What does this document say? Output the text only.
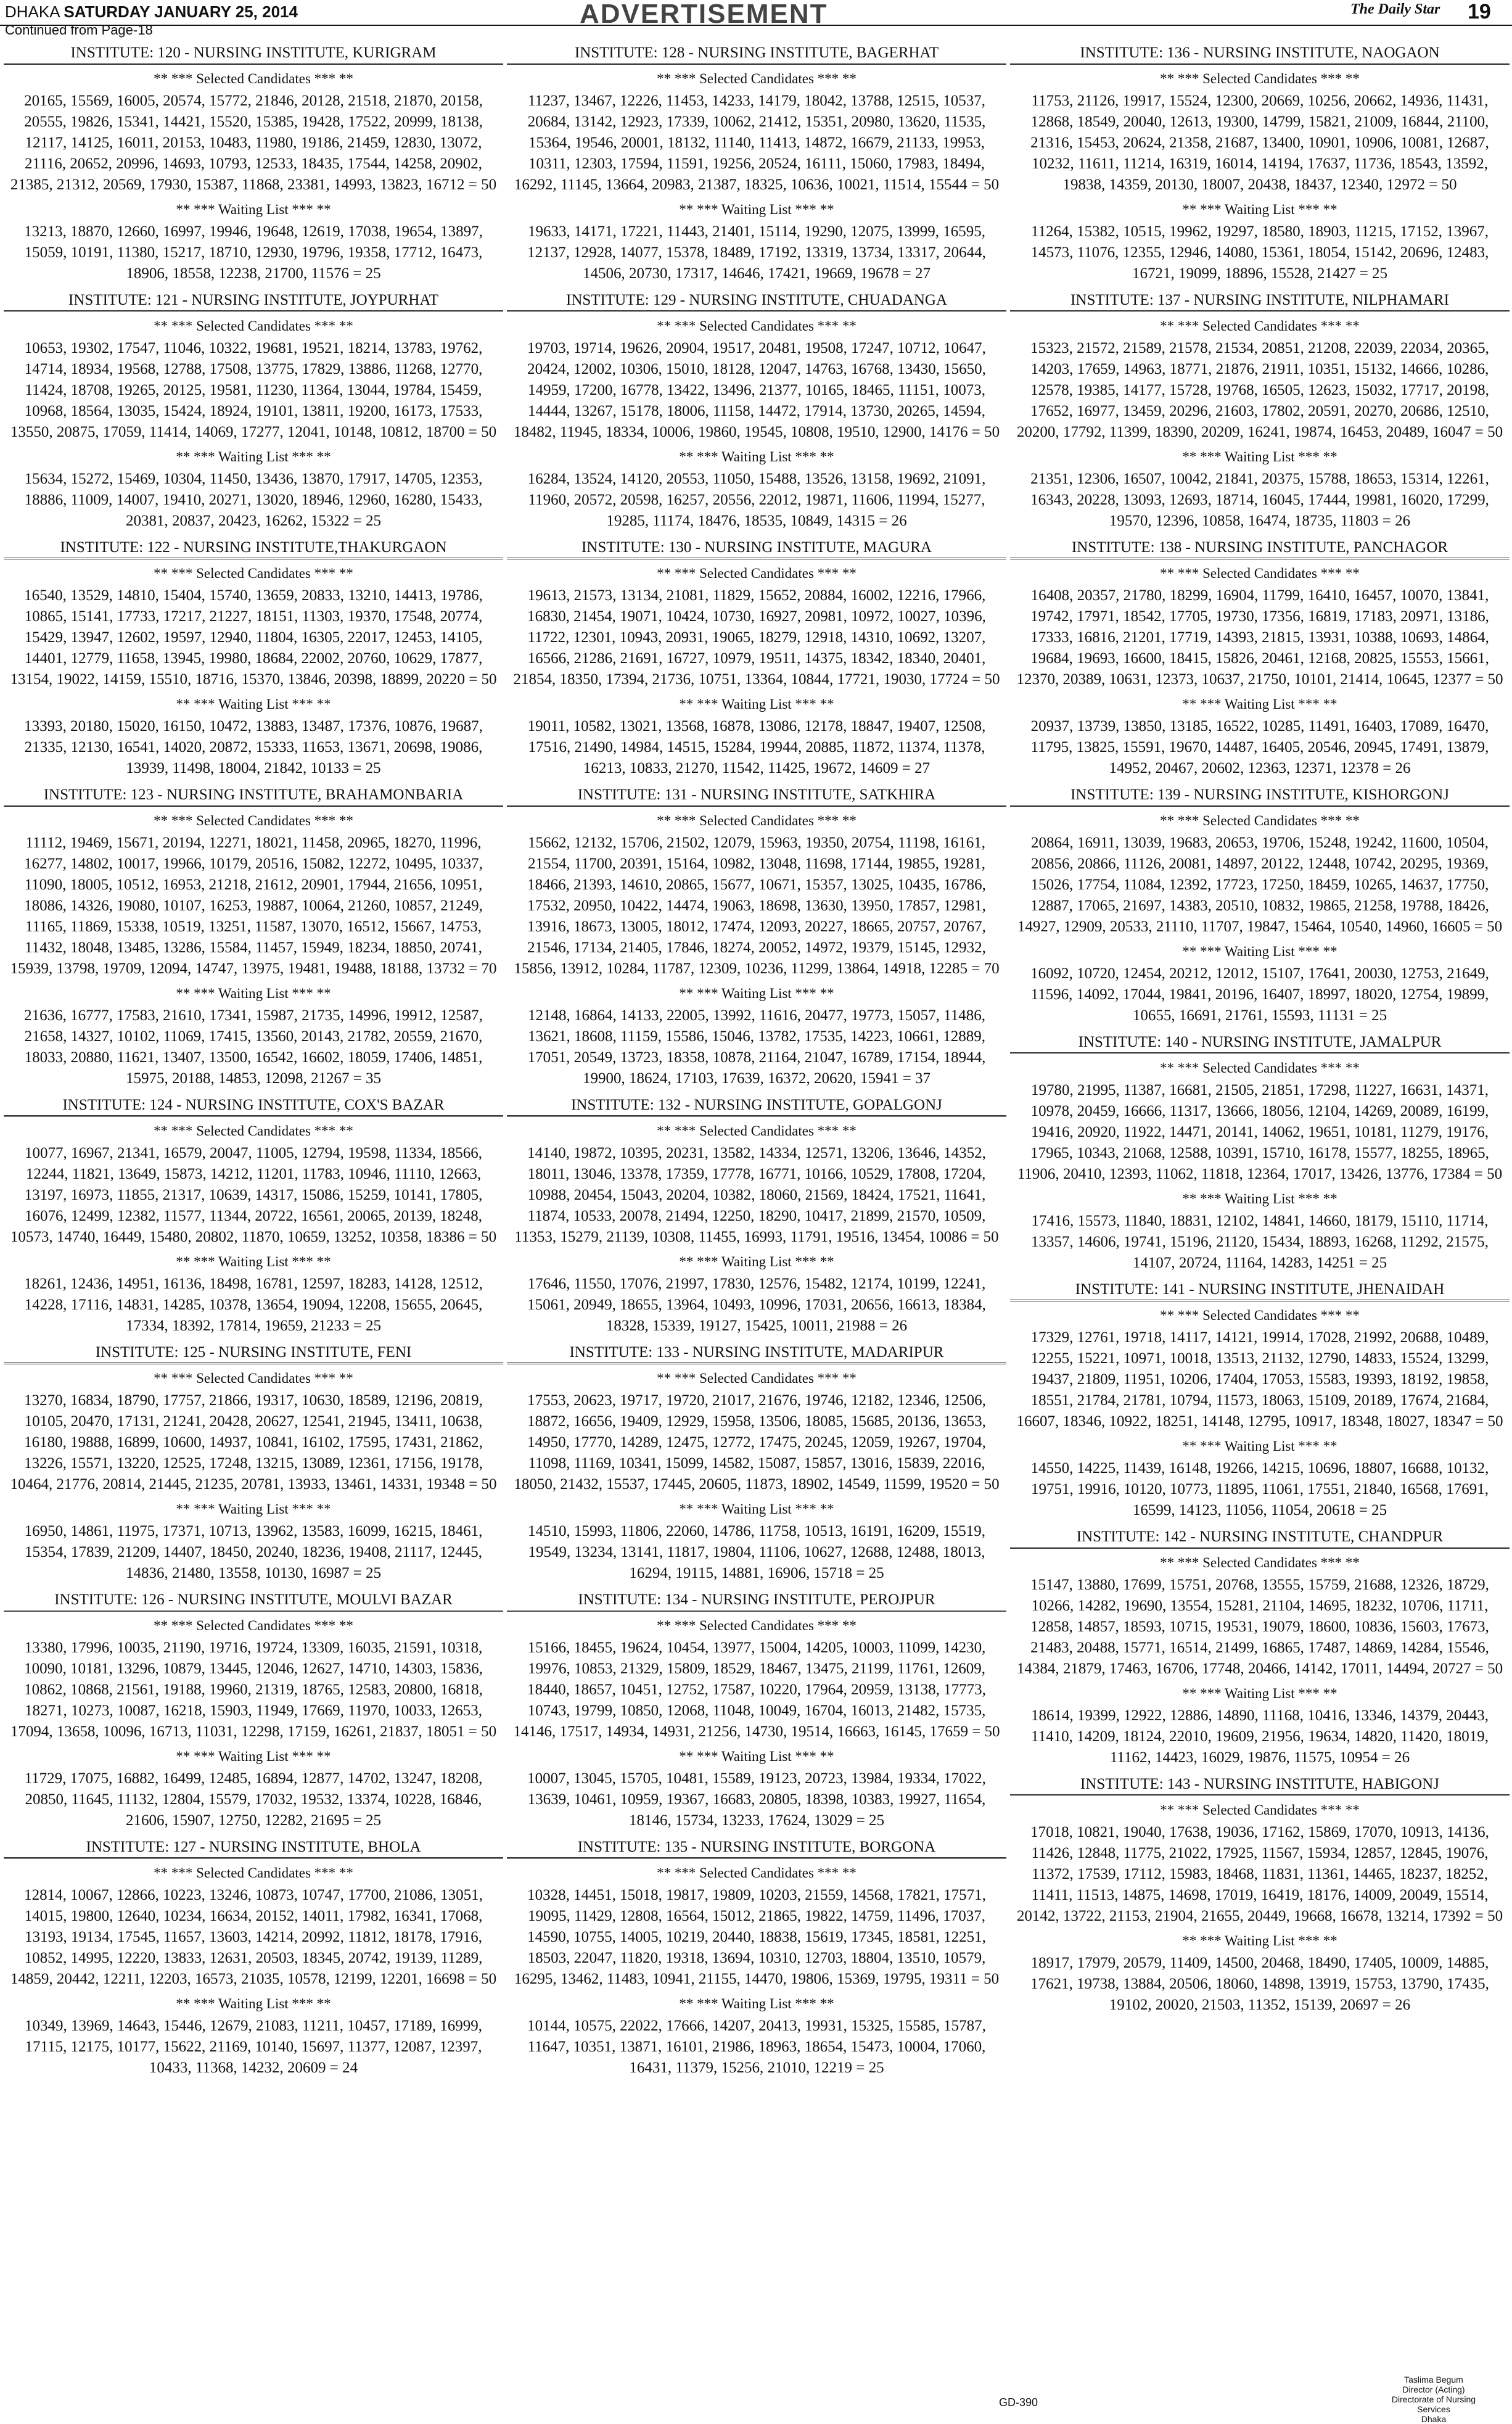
DHAKA SATURDAY JANUARY 25, 2014
Continued from Page-18
ADVERTISEMENT	The Daily Star 19
INSTITUTE: 120 - NURSING INSTITUTE, KURIGRAM
** *** Selected Candidates *** **
20165, 15569, 16005, 20574, 15772, 21846, 20128, 21518, 21870, 20158, 20555, 19826, 15341, 14421, 15520, 15385, 19428, 17522, 20999, 18138, 12117, 14125, 16011, 20153, 10483, 11980, 19186, 21459, 12830, 13072, 21116, 20652, 20996, 14693, 10793, 12533, 18435, 17544, 14258, 20902, 21385, 21312, 20569, 17930, 15387, 11868, 23381, 14993, 13823, 16712 = 50
** *** Waiting List *** **
13213, 18870, 12660, 16997, 19946, 19648, 12619, 17038, 19654, 13897, 15059, 10191, 11380, 15217, 18710, 12930, 19796, 19358, 17712, 16473, 18906, 18558, 12238, 21700, 11576 = 25
INSTITUTE: 121 - NURSING INSTITUTE, JOYPURHAT
** *** Selected Candidates *** **
10653, 19302, 17547, 11046, 10322, 19681, 19521, 18214, 13783, 19762, 14714, 18934, 19568, 12788, 17508, 13775, 17829, 13886, 11268, 12770, 11424, 18708, 19265, 20125, 19581, 11230, 11364, 13044, 19784, 15459, 10968, 18564, 13035, 15424, 18924, 19101, 13811, 19200, 16173, 17533, 13550, 20875, 17059, 11414, 14069, 17277, 12041, 10148, 10812, 18700 = 50
** *** Waiting List *** **
15634, 15272, 15469, 10304, 11450, 13436, 13870, 17917, 14705, 12353, 18886, 11009, 14007, 19410, 20271, 13020, 18946, 12960, 16280, 15433, 20381, 20837, 20423, 16262, 15322 = 25
INSTITUTE: 122 - NURSING INSTITUTE,THAKURGAON
** *** Selected Candidates *** **
16540, 13529, 14810, 15404, 15740, 13659, 20833, 13210, 14413, 19786, 10865, 15141, 17733, 17217, 21227, 18151, 11303, 19370, 17548, 20774, 15429, 13947, 12602, 19597, 12940, 11804, 16305, 22017, 12453, 14105, 14401, 12779, 11658, 13945, 19980, 18684, 22002, 20760, 10629, 17877, 13154, 19022, 14159, 15510, 18716, 15370, 13846, 20398, 18899, 20220 = 50
** *** Waiting List *** **
13393, 20180, 15020, 16150, 10472, 13883, 13487, 17376, 10876, 19687, 21335, 12130, 16541, 14020, 20872, 15333, 11653, 13671, 20698, 19086, 13939, 11498, 18004, 21842, 10133 = 25
INSTITUTE: 123 - NURSING INSTITUTE, BRAHAMONBARIA
** *** Selected Candidates *** **
11112, 19469, 15671, 20194, 12271, 18021, 11458, 20965, 18270, 11996, 16277, 14802, 10017, 19966, 10179, 20516, 15082, 12272, 10495, 10337, 11090, 18005, 10512, 16953, 21218, 21612, 20901, 17944, 21656, 10951, 18086, 14326, 19080, 10107, 16253, 19887, 10064, 21260, 10857, 21249, 11165, 11869, 15338, 10519, 13251, 11587, 13070, 16512, 15667, 14753, 11432, 18048, 13485, 13286, 15584, 11457, 15949, 18234, 18850, 20741, 15939, 13798, 19709, 12094, 14747, 13975, 19481, 19488, 18188, 13732 = 70
** *** Waiting List *** **
21636, 16777, 17583, 21610, 17341, 15987, 21735, 14996, 19912, 12587, 21658, 14327, 10102, 11069, 17415, 13560, 20143, 21782, 20559, 21670, 18033, 20880, 11621, 13407, 13500, 16542, 16602, 18059, 17406, 14851, 15975, 20188, 14853, 12098, 21267 = 35
INSTITUTE: 124 - NURSING INSTITUTE, COX'S BAZAR
** *** Selected Candidates *** **
10077, 16967, 21341, 16579, 20047, 11005, 12794, 19598, 11334, 18566, 12244, 11821, 13649, 15873, 14212, 11201, 11783, 10946, 11110, 12663, 13197, 16973, 11855, 21317, 10639, 14317, 15086, 15259, 10141, 17805, 16076, 12499, 12382, 11577, 11344, 20722, 16561, 20065, 20139, 18248, 10573, 14740, 16449, 15480, 20802, 11870, 10659, 13252, 10358, 18386 = 50
** *** Waiting List *** **
18261, 12436, 14951, 16136, 18498, 16781, 12597, 18283, 14128, 12512, 14228, 17116, 14831, 14285, 10378, 13654, 19094, 12208, 15655, 20645, 17334, 18392, 17814, 19659, 21233 = 25
INSTITUTE: 125 - NURSING INSTITUTE, FENI
** *** Selected Candidates *** **
13270, 16834, 18790, 17757, 21866, 19317, 10630, 18589, 12196, 20819, 10105, 20470, 17131, 21241, 20428, 20627, 12541, 21945, 13411, 10638, 16180, 19888, 16899, 10600, 14937, 10841, 16102, 17595, 17431, 21862, 13226, 15571, 13220, 12525, 17248, 13215, 13089, 12361, 17156, 19178, 10464, 21776, 20814, 21445, 21235, 20781, 13933, 13461, 14331, 19348 = 50
** *** Waiting List *** **
16950, 14861, 11975, 17371, 10713, 13962, 13583, 16099, 16215, 18461, 15354, 17839, 21209, 14407, 18450, 20240, 18236, 19408, 21117, 12445, 14836, 21480, 13558, 10130, 16987 = 25
INSTITUTE: 126 - NURSING INSTITUTE, MOULVI BAZAR
** *** Selected Candidates *** **
13380, 17996, 10035, 21190, 19716, 19724, 13309, 16035, 21591, 10318, 10090, 10181, 13296, 10879, 13445, 12046, 12627, 14710, 14303, 15836, 10862, 10868, 21561, 19188, 19960, 21319, 18765, 12583, 20800, 16818, 18271, 10273, 10087, 16218, 15903, 11949, 17669, 11970, 10033, 12653, 17094, 13658, 10096, 16713, 11031, 12298, 17159, 16261, 21837, 18051 = 50
** *** Waiting List *** **
11729, 17075, 16882, 16499, 12485, 16894, 12877, 14702, 13247, 18208, 20850, 11645, 11132, 12804, 15579, 17032, 19532, 13374, 10228, 16846, 21606, 15907, 12750, 12282, 21695 = 25
INSTITUTE: 127 - NURSING INSTITUTE, BHOLA
** *** Selected Candidates *** **
12814, 10067, 12866, 10223, 13246, 10873, 10747, 17700, 21086, 13051, 14015, 19800, 12640, 10234, 16634, 20152, 14011, 17982, 16341, 17068, 13193, 19134, 17545, 11657, 13603, 14214, 20992, 11812, 18178, 17916, 10852, 14995, 12220, 13833, 12631, 20503, 18345, 20742, 19139, 11289, 14859, 20442, 12211, 12203, 16573, 21035, 10578, 12199, 12201, 16698 = 50
** *** Waiting List *** **
10349, 13969, 14643, 15446, 12679, 21083, 11211, 10457, 17189, 16999, 17115, 12175, 10177, 15622, 21169, 10140, 15697, 11377, 12087, 12397, 10433, 11368, 14232, 20609 = 24
INSTITUTE: 128 - NURSING INSTITUTE, BAGERHAT
** *** Selected Candidates *** **
11237, 13467, 12226, 11453, 14233, 14179, 18042, 13788, 12515, 10537, 20684, 13142, 12923, 17339, 10062, 21412, 15351, 20980, 13620, 11535, 15364, 19546, 20001, 18132, 11140, 11413, 14872, 16679, 21133, 19953, 10311, 12303, 17594, 11591, 19256, 20524, 16111, 15060, 17983, 18494, 16292, 11145, 13664, 20983, 21387, 18325, 10636, 10021, 11514, 15544 = 50
** *** Waiting List *** **
19633, 14171, 17221, 11443, 21401, 15114, 19290, 12075, 13999, 16595, 12137, 12928, 14077, 15378, 18489, 17192, 13319, 13734, 13317, 20644, 14506, 20730, 17317, 14646, 17421, 19669, 19678 = 27
INSTITUTE: 129 - NURSING INSTITUTE, CHUADANGA
** *** Selected Candidates *** **
19703, 19714, 19626, 20904, 19517, 20481, 19508, 17247, 10712, 10647, 20424, 12002, 10306, 15010, 18128, 12047, 14763, 16768, 13430, 15650, 14959, 17200, 16778, 13422, 13496, 21377, 10165, 18465, 11151, 10073, 14444, 13267, 15178, 18006, 11158, 14472, 17914, 13730, 20265, 14594, 18482, 11945, 18334, 10006, 19860, 19545, 10808, 19510, 12900, 14176 = 50
** *** Waiting List *** **
16284, 13524, 14120, 20553, 11050, 15488, 13526, 13158, 19692, 21091, 11960, 20572, 20598, 16257, 20556, 22012, 19871, 11606, 11994, 15277, 19285, 11174, 18476, 18535, 10849, 14315 = 26
INSTITUTE: 130 - NURSING INSTITUTE, MAGURA
** *** Selected Candidates *** **
19613, 21573, 13134, 21081, 11829, 15652, 20884, 16002, 12216, 17966, 16830, 21454, 19071, 10424, 10730, 16927, 20981, 10972, 10027, 10396, 11722, 12301, 10943, 20931, 19065, 18279, 12918, 14310, 10692, 13207, 16566, 21286, 21691, 16727, 10979, 19511, 14375, 18342, 18340, 20401, 21854, 18350, 17394, 21736, 10751, 13364, 10844, 17721, 19030, 17724 = 50
** *** Waiting List *** **
19011, 10582, 13021, 13568, 16878, 13086, 12178, 18847, 19407, 12508, 17516, 21490, 14984, 14515, 15284, 19944, 20885, 11872, 11374, 11378, 16213, 10833, 21270, 11542, 11425, 19672, 14609 = 27
INSTITUTE: 131 - NURSING INSTITUTE, SATKHIRA
** *** Selected Candidates *** **
15662, 12132, 15706, 21502, 12079, 15963, 19350, 20754, 11198, 16161, 21554, 11700, 20391, 15164, 10982, 13048, 11698, 17144, 19855, 19281, 18466, 21393, 14610, 20865, 15677, 10671, 15357, 13025, 10435, 16786, 17532, 20950, 10422, 14474, 19063, 18698, 13630, 13950, 17857, 12981, 13916, 18673, 13005, 18012, 17474, 12093, 20227, 18665, 20757, 20767, 21546, 17134, 21405, 17846, 18274, 20052, 14972, 19379, 15145, 12932, 15856, 13912, 10284, 11787, 12309, 10236, 11299, 13864, 14918, 12285 = 70
** *** Waiting List *** **
12148, 16864, 14133, 22005, 13992, 11616, 20477, 19773, 15057, 11486, 13621, 18608, 11159, 15586, 15046, 13782, 17535, 14223, 10661, 12889, 17051, 20549, 13723, 18358, 10878, 21164, 21047, 16789, 17154, 18944, 19900, 18624, 17103, 17639, 16372, 20620, 15941 = 37
INSTITUTE: 132 - NURSING INSTITUTE, GOPALGONJ
** *** Selected Candidates *** **
14140, 19872, 10395, 20231, 13582, 14334, 12571, 13206, 13646, 14352, 18011, 13046, 13378, 17359, 17778, 16771, 10166, 10529, 17808, 17204, 10988, 20454, 15043, 20204, 10382, 18060, 21569, 18424, 17521, 11641, 11874, 10533, 20078, 21494, 12250, 18290, 10417, 21899, 21570, 10509, 11353, 15279, 21139, 10308, 11455, 16993, 11791, 19516, 13454, 10086 = 50
** *** Waiting List *** **
17646, 11550, 17076, 21997, 17830, 12576, 15482, 12174, 10199, 12241, 15061, 20949, 18655, 13964, 10493, 10996, 17031, 20656, 16613, 18384, 18328, 15339, 19127, 15425, 10011, 21988 = 26
INSTITUTE: 133 - NURSING INSTITUTE, MADARIPUR
** *** Selected Candidates *** **
17553, 20623, 19717, 19720, 21017, 21676, 19746, 12182, 12346, 12506, 18872, 16656, 19409, 12929, 15958, 13506, 18085, 15685, 20136, 13653, 14950, 17770, 14289, 12475, 12772, 17475, 20245, 12059, 19267, 19704, 11098, 11169, 10341, 15099, 14582, 15087, 15857, 13016, 15839, 22016, 18050, 21432, 15537, 17445, 20605, 11873, 18902, 14549, 11599, 19520 = 50
** *** Waiting List *** **
14510, 15993, 11806, 22060, 14786, 11758, 10513, 16191, 16209, 15519, 19549, 13234, 13141, 11817, 19804, 11106, 10627, 12688, 12488, 18013, 16294, 19115, 14881, 16906, 15718 = 25
INSTITUTE: 134 - NURSING INSTITUTE, PEROJPUR
** *** Selected Candidates *** **
15166, 18455, 19624, 10454, 13977, 15004, 14205, 10003, 11099, 14230, 19976, 10853, 21329, 15809, 18529, 18467, 13475, 21199, 11761, 12609, 18440, 18657, 10451, 12752, 17587, 10220, 17964, 20959, 13138, 17773, 10743, 19799, 10850, 12068, 11048, 10049, 16704, 16013, 21482, 15735, 14146, 17517, 14934, 14931, 21256, 14730, 19514, 16663, 16145, 17659 = 50
** *** Waiting List *** **
10007, 13045, 15705, 10481, 15589, 19123, 20723, 13984, 19334, 17022, 13639, 10461, 10959, 19367, 16683, 20805, 18398, 10383, 19927, 11654, 18146, 15734, 13233, 17624, 13029 = 25
INSTITUTE: 135 - NURSING INSTITUTE, BORGONA
** *** Selected Candidates *** **
10328, 14451, 15018, 19817, 19809, 10203, 21559, 14568, 17821, 17571, 19095, 11429, 12808, 16564, 15012, 21865, 19822, 14759, 11496, 17037, 14590, 10755, 14005, 10219, 20440, 18838, 15619, 17345, 18581, 12251, 18503, 22047, 11820, 19318, 13694, 10310, 12703, 18804, 13510, 10579, 16295, 13462, 11483, 10941, 21155, 14470, 19806, 15369, 19795, 19311 = 50
** *** Waiting List *** **
10144, 10575, 22022, 17666, 14207, 20413, 19931, 15325, 15585, 15787, 11647, 10351, 13871, 16101, 21986, 18963, 18654, 15473, 10004, 17060, 16431, 11379, 15256, 21010, 12219 = 25
INSTITUTE: 136 - NURSING INSTITUTE, NAOGAON
** *** Selected Candidates *** **
11753, 21126, 19917, 15524, 12300, 20669, 10256, 20662, 14936, 11431, 12868, 18549, 20040, 12613, 19300, 14799, 15821, 21009, 16844, 21100, 21316, 15453, 20624, 21358, 21687, 13400, 10901, 10906, 10081, 12687, 10232, 11611, 11214, 16319, 16014, 14194, 17637, 11736, 18543, 13592, 19838, 14359, 20130, 18007, 20438, 18437, 12340, 12972 = 50
** *** Waiting List *** **
11264, 15382, 10515, 19962, 19297, 18580, 18903, 11215, 17152, 13967, 14573, 11076, 12355, 12946, 14080, 15361, 18054, 15142, 20696, 12483, 16721, 19099, 18896, 15528, 21427 = 25
INSTITUTE: 137 - NURSING INSTITUTE, NILPHAMARI
** *** Selected Candidates *** **
15323, 21572, 21589, 21578, 21534, 20851, 21208, 22039, 22034, 20365, 14203, 17659, 14963, 18771, 21876, 21911, 10351, 15132, 14666, 10286, 12578, 19385, 14177, 15728, 19768, 16505, 12623, 15032, 17717, 20198, 17652, 16977, 13459, 20296, 21603, 17802, 20591, 20270, 20686, 12510, 20200, 17792, 11399, 18390, 20209, 16241, 19874, 16453, 20489, 16047 = 50
** *** Waiting List *** **
21351, 12306, 16507, 10042, 21841, 20375, 15788, 18653, 15314, 12261, 16343, 20228, 13093, 12693, 18714, 16045, 17444, 19981, 16020, 17299, 19570, 12396, 10858, 16474, 18735, 11803 = 26
INSTITUTE: 138 - NURSING INSTITUTE, PANCHAGOR
** *** Selected Candidates *** **
16408, 20357, 21780, 18299, 16904, 11799, 16410, 16457, 10070, 13841, 19742, 17971, 18542, 17705, 19730, 17356, 16819, 17183, 20971, 13186, 17333, 16816, 21201, 17719, 14393, 21815, 13931, 10388, 10693, 14864, 19684, 19693, 16600, 18415, 15826, 20461, 12168, 20825, 15553, 15661, 12370, 20389, 10631, 12373, 10637, 21750, 10101, 21414, 10645, 12377 = 50
** *** Waiting List *** **
20937, 13739, 13850, 13185, 16522, 10285, 11491, 16403, 17089, 16470, 11795, 13825, 15591, 19670, 14487, 16405, 20546, 20945, 17491, 13879, 14952, 20467, 20602, 12363, 12371, 12378 = 26
INSTITUTE: 139 - NURSING INSTITUTE, KISHORGONJ
** *** Selected Candidates *** **
20864, 16911, 13039, 19683, 20653, 19706, 15248, 19242, 11600, 10504, 20856, 20866, 11126, 20081, 14897, 20122, 12448, 10742, 20295, 19369, 15026, 17754, 11084, 12392, 17723, 17250, 18459, 10265, 14637, 17750, 12887, 17065, 21697, 14383, 20510, 10832, 19865, 21258, 19788, 18426, 14927, 12909, 20533, 21110, 11707, 19847, 15464, 10540, 14960, 16605 = 50
** *** Waiting List *** **
16092, 10720, 12454, 20212, 12012, 15107, 17641, 20030, 12753, 21649, 11596, 14092, 17044, 19841, 20196, 16407, 18997, 18020, 12754, 19899, 10655, 16691, 21761, 15593, 11131 = 25
INSTITUTE: 140 - NURSING INSTITUTE, JAMALPUR
** *** Selected Candidates *** **
19780, 21995, 11387, 16681, 21505, 21851, 17298, 11227, 16631, 14371, 10978, 20459, 16666, 11317, 13666, 18056, 12104, 14269, 20089, 16199, 19416, 20920, 11922, 14471, 20141, 14062, 19651, 10181, 11279, 19176, 17965, 10343, 21068, 12588, 10391, 15710, 16178, 15577, 18255, 18965, 11906, 20410, 12393, 11062, 11818, 12364, 17017, 13426, 13776, 17384 = 50
** *** Waiting List *** **
17416, 15573, 11840, 18831, 12102, 14841, 14660, 18179, 15110, 11714, 13357, 14606, 19741, 15196, 21120, 15434, 18893, 16268, 11292, 21575, 14107, 20724, 11164, 14283, 14251 = 25
INSTITUTE: 141 - NURSING INSTITUTE, JHENAIDAH
** *** Selected Candidates *** **
17329, 12761, 19718, 14117, 14121, 19914, 17028, 21992, 20688, 10489, 12255, 15221, 10971, 10018, 13513, 21132, 12790, 14833, 15524, 13299, 19437, 21809, 11951, 10206, 17404, 17053, 15583, 19393, 18192, 19858, 18551, 21784, 21781, 10794, 11573, 18063, 15109, 20189, 17674, 21684, 16607, 18346, 10922, 18251, 14148, 12795, 10917, 18348, 18027, 18347 = 50
** *** Waiting List *** **
14550, 14225, 11439, 16148, 19266, 14215, 10696, 18807, 16688, 10132, 19751, 19916, 10120, 10773, 11895, 11061, 17551, 21840, 16568, 17691, 16599, 14123, 11056, 11054, 20618 = 25
INSTITUTE: 142 - NURSING INSTITUTE, CHANDPUR
** *** Selected Candidates *** **
15147, 13880, 17699, 15751, 20768, 13555, 15759, 21688, 12326, 18729, 10266, 14282, 19690, 13554, 15281, 21104, 14695, 18232, 10706, 11711, 12858, 14857, 18593, 10715, 19531, 19079, 18600, 10836, 15603, 17673, 21483, 20488, 15771, 16514, 21499, 16865, 17487, 14869, 14284, 15546, 14384, 21879, 17463, 16706, 17748, 20466, 14142, 17011, 14494, 20727 = 50
** *** Waiting List *** **
18614, 19399, 12922, 12886, 14890, 11168, 10416, 13346, 14379, 20443, 11410, 14209, 18124, 22010, 19609, 21956, 19634, 14820, 11420, 18019, 11162, 14423, 16029, 19876, 11575, 10954 = 26
INSTITUTE: 143 - NURSING INSTITUTE, HABIGONJ
** *** Selected Candidates *** **
17018, 10821, 19040, 17638, 19036, 17162, 15869, 17070, 10913, 14136, 11426, 12848, 11775, 21022, 17925, 11567, 15934, 12857, 12845, 19076, 11372, 17539, 17112, 15983, 18468, 11831, 11361, 14465, 18237, 18252, 11411, 11513, 14875, 14698, 17019, 16419, 18176, 14009, 20049, 15514, 20142, 13722, 21153, 21904, 21655, 20449, 19668, 16678, 13214, 17392 = 50
** *** Waiting List *** **
18917, 17979, 20579, 11409, 14500, 20468, 18490, 17405, 10009, 14885, 17621, 19738, 13884, 20506, 18060, 14898, 13919, 15753, 13790, 17435, 19102, 20020, 21503, 11352, 15139, 20697 = 26
Taslima Begum
Director (Acting)
Directorate of Nursing Services
Dhaka
GD-390
